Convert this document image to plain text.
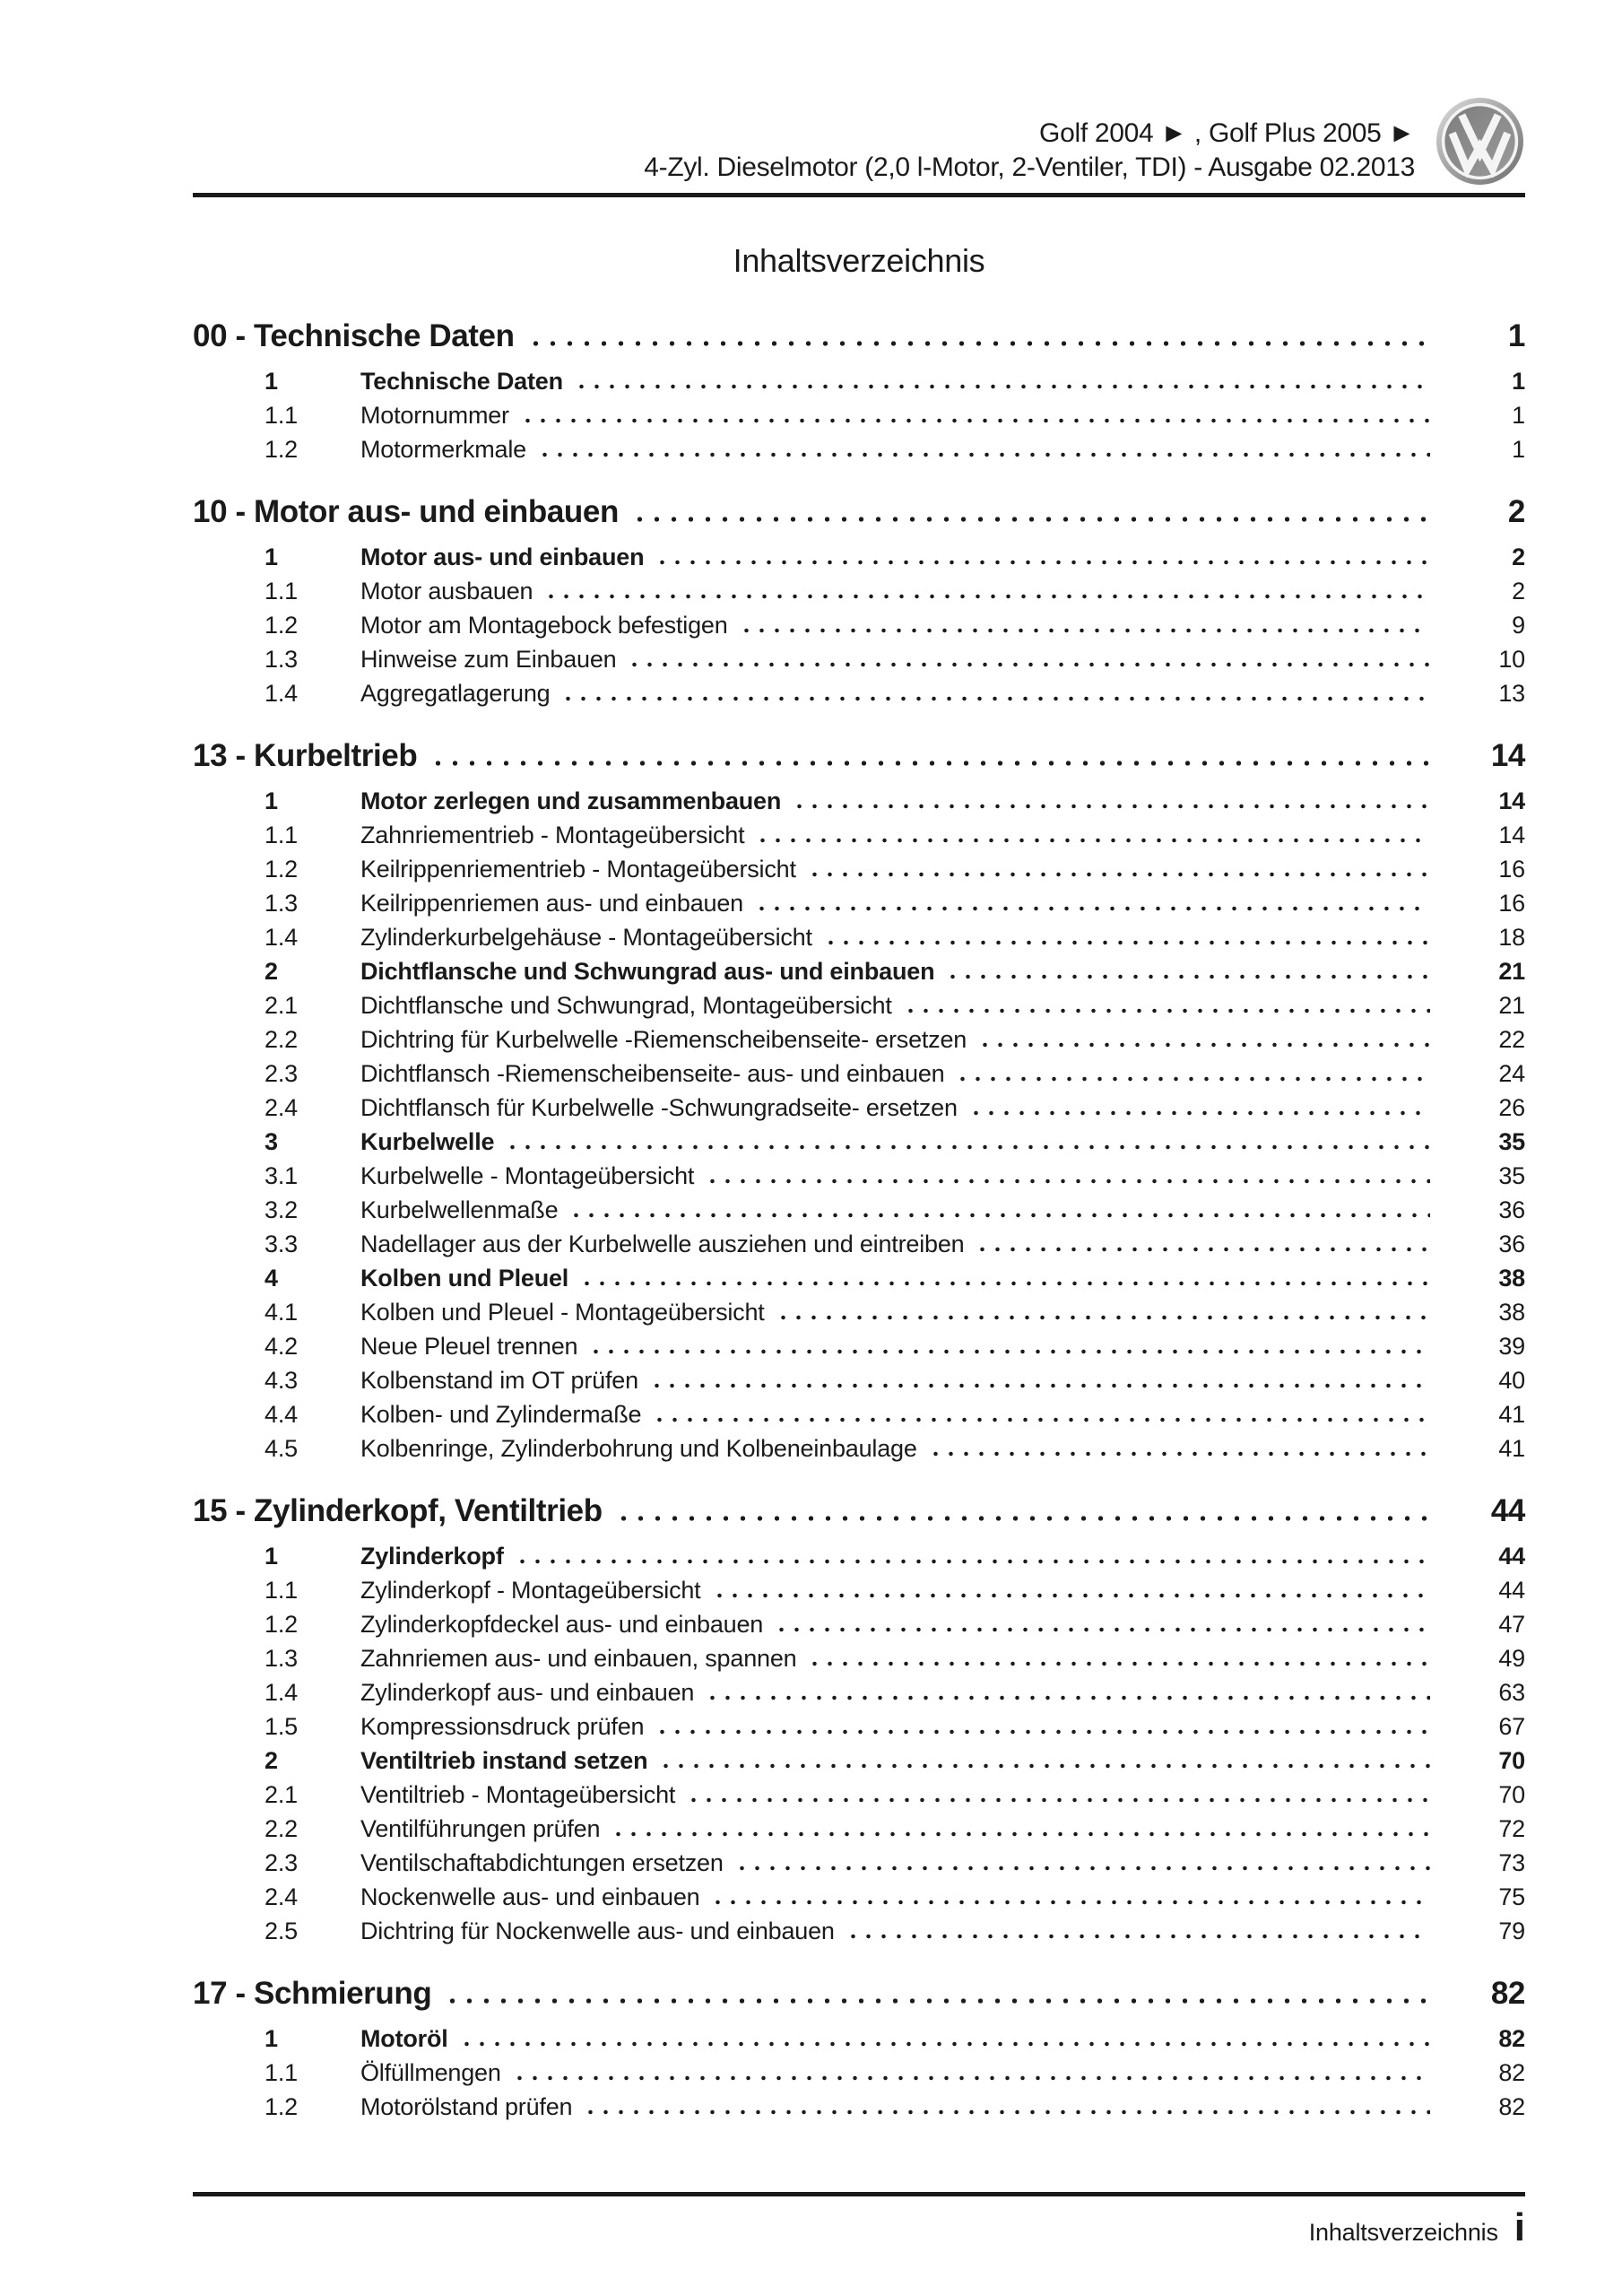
Golf 2004 ► , Golf Plus 2005 ►
4-Zyl. Dieselmotor (2,0 l-Motor, 2-Ventiler, TDI) - Ausgabe 02.2013
Inhaltsverzeichnis
00 - Technische Daten	1
1	Technische Daten	1
1.1	Motornummer	1
1.2	Motormerkmale	1
10 - Motor aus- und einbauen	2
1	Motor aus- und einbauen	2
1.1	Motor ausbauen	2
1.2	Motor am Montagebock befestigen	9
1.3	Hinweise zum Einbauen	10
1.4	Aggregatlagerung	13
13 - Kurbeltrieb	14
1	Motor zerlegen und zusammenbauen	14
1.1	Zahnriementrieb - Montageübersicht	14
1.2	Keilrippenriementrieb - Montageübersicht	16
1.3	Keilrippenriemen aus- und einbauen	16
1.4	Zylinderkurbelgehäuse - Montageübersicht	18
2	Dichtflansche und Schwungrad aus- und einbauen	21
2.1	Dichtflansche und Schwungrad, Montageübersicht	21
2.2	Dichtring für Kurbelwelle -Riemenscheibenseite- ersetzen	22
2.3	Dichtflansch -Riemenscheibenseite- aus- und einbauen	24
2.4	Dichtflansch für Kurbelwelle -Schwungradseite- ersetzen	26
3	Kurbelwelle	35
3.1	Kurbelwelle - Montageübersicht	35
3.2	Kurbelwellenmaße	36
3.3	Nadellager aus der Kurbelwelle ausziehen und eintreiben	36
4	Kolben und Pleuel	38
4.1	Kolben und Pleuel - Montageübersicht	38
4.2	Neue Pleuel trennen	39
4.3	Kolbenstand im OT prüfen	40
4.4	Kolben- und Zylindermaße	41
4.5	Kolbenringe, Zylinderbohrung und Kolbeneinbaulage	41
15 - Zylinderkopf, Ventiltrieb	44
1	Zylinderkopf	44
1.1	Zylinderkopf - Montageübersicht	44
1.2	Zylinderkopfdeckel aus- und einbauen	47
1.3	Zahnriemen aus- und einbauen, spannen	49
1.4	Zylinderkopf aus- und einbauen	63
1.5	Kompressionsdruck prüfen	67
2	Ventiltrieb instand setzen	70
2.1	Ventiltrieb - Montageübersicht	70
2.2	Ventilführungen prüfen	72
2.3	Ventilschaftabdichtungen ersetzen	73
2.4	Nockenwelle aus- und einbauen	75
2.5	Dichtring für Nockenwelle aus- und einbauen	79
17 - Schmierung	82
1	Motoröl	82
1.1	Ölfüllmengen	82
1.2	Motorölstand prüfen	82
Inhaltsverzeichnis i
